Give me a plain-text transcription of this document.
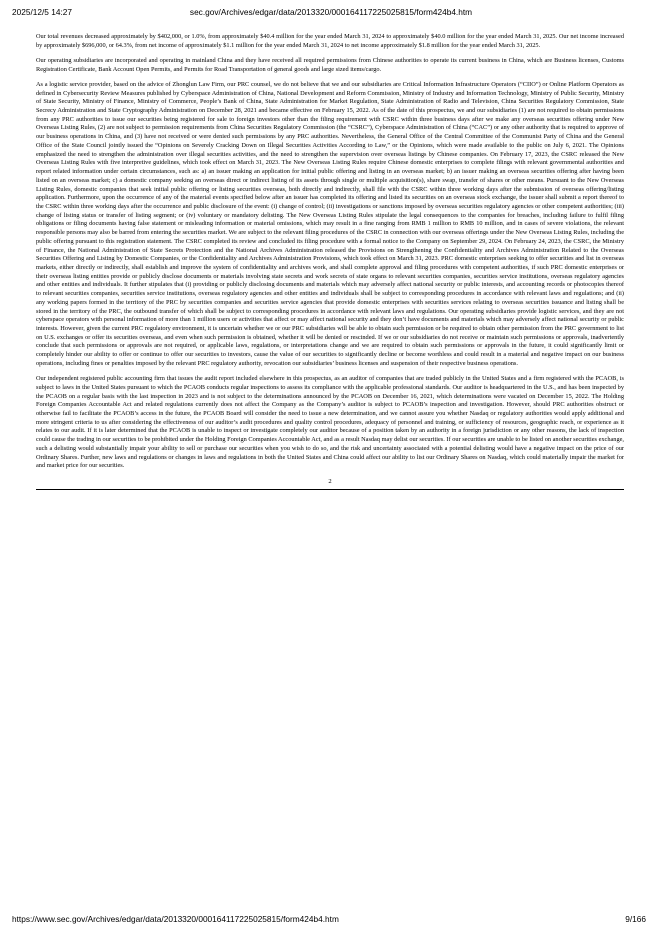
2025/12/5 14:27	sec.gov/Archives/edgar/data/2013320/000164117225025815/form424b4.htm

Our total revenues decreased approximately by $402,000, or 1.0%, from approximately $40.4 million for the year ended March 31, 2024 to approximately $40.0 million for the year ended March 31, 2025. Our net income increased by approximately $696,000, or 64.3%, from net income of approximately $1.1 million for the year ended March 31, 2024 to net income approximately $1.8 million for the year ended March 31, 2025.

Our operating subsidiaries are incorporated and operating in mainland China and they have received all required permissions from Chinese authorities to operate its current business in China, which are Business licenses, Customs Registration Certificate, Bank Account Open Permits, and Permits for Road Transportation of general goods and large sized items/cargo.

As a logistic service provider, based on the advice of Zhonglun Law Firm, our PRC counsel, we do not believe that we and our subsidiaries are Critical Information Infrastructure Operators (“CIIO”) or Online Platform Operators as defined in Cybersecurity Review Measures published by Cyberspace Administration of China, National Development and Reform Commission, Ministry of Industry and Information Technology, Ministry of Public Security, Ministry of State Security, Ministry of Finance, Ministry of Commerce, People’s Bank of China, State Administration for Market Regulation, State Administration of Radio and Television, China Securities Regulatory Commission, State Secrecy Administration and State Cryptography Administration on December 28, 2021 and became effective on February 15, 2022. As of the date of this prospectus, we and our subsidiaries (1) are not required to obtain permissions from any PRC authorities to issue our securities being registered for sale to foreign investors other than the filing requirement with CSRC within three business days after we make any overseas securities offering under New Overseas Listing Rules, (2) are not subject to permission requirements from China Securities Regulatory Commission (the “CSRC”), Cyberspace Administration of China (“CAC”) or any other authority that is required to approve of our business operations in China, and (3) have not received or were denied such permissions by any PRC authorities. Nevertheless, the General Office of the Central Committee of the Communist Party of China and the General Office of the State Council jointly issued the “Opinions on Severely Cracking Down on Illegal Securities Activities According to Law,” or the Opinions, which were made available to the public on July 6, 2021. The Opinions emphasized the need to strengthen the administration over illegal securities activities, and the need to strengthen the supervision over overseas listings by Chinese companies. On February 17, 2023, the CSRC released the New Overseas Listing Rules with five interpretive guidelines, which took effect on March 31, 2023. The New Overseas Listing Rules require Chinese domestic enterprises to complete filings with relevant governmental authorities and report related information under certain circumstances, such as: a) an issuer making an application for initial public offering and listing in an overseas market; b) an issuer making an overseas securities offering after having been listed on an overseas market; c) a domestic company seeking an overseas direct or indirect listing of its assets through single or multiple acquisition(s), share swap, transfer of shares or other means. Pursuant to the New Overseas Listing Rules, domestic companies that seek initial public offering or listing securities overseas, both directly and indirectly, shall file with the CSRC within three working days after the submission of overseas offering/listing application. Furthermore, upon the occurrence of any of the material events specified below after an issuer has completed its offering and listed its securities on an overseas stock exchange, the issuer shall submit a report thereof to the CSRC within three working days after the occurrence and public disclosure of the event: (i) change of control; (ii) investigations or sanctions imposed by overseas securities regulatory agencies or other competent authorities; (iii) change of listing status or transfer of listing segment; or (iv) voluntary or mandatory delisting. The New Overseas Listing Rules stipulate the legal consequences to the companies for breaches, including failure to fulfil filing obligations or filing documents having false statement or misleading information or material omissions, which may result in a fine ranging from RMB 1 million to RMB 10 million, and in cases of severe violations, the relevant responsible persons may also be barred from entering the securities market. We are subject to the relevant filing procedures of the CSRC in connection with our overseas offerings under the New Overseas Listing Rules, including the public offering pursuant to this registration statement. The CSRC completed its review and concluded its filing procedure with a formal notice to the Company on September 29, 2024. On February 24, 2023, the CSRC, the Ministry of Finance, the National Administration of State Secrets Protection and the National Archives Administration released the Provisions on Strengthening the Confidentiality and Archives Administration Related to the Overseas Securities Offering and Listing by Domestic Companies, or the Confidentiality and Archives Administration Provisions, which took effect on March 31, 2023. PRC domestic enterprises seeking to offer securities and list in overseas markets, either directly or indirectly, shall establish and improve the system of confidentiality and archives work, and shall complete approval and filing procedures with competent authorities, if such PRC domestic enterprises or their overseas listing entities provide or publicly disclose documents or materials involving state secrets and work secrets of state organs to relevant securities companies, securities service institutions, overseas regulatory agencies and other entities and individuals. It further stipulates that (i) providing or publicly disclosing documents and materials which may adversely affect national security or public interests, and accounting records or photocopies thereof to relevant securities companies, securities service institutions, overseas regulatory agencies and other entities and individuals shall be subject to corresponding procedures in accordance with relevant laws and regulations; and (ii) any working papers formed in the territory of the PRC by securities companies and securities service agencies that provide domestic enterprises with securities services relating to overseas securities issuance and listing shall be stored in the territory of the PRC, the outbound transfer of which shall be subject to corresponding procedures in accordance with relevant laws and regulations. Our operating subsidiaries provide logistic services, and they are not cyberspace operators with personal information of more than 1 million users or activities that affect or may affect national security and they don’t have documents and materials which may adversely affect national security or public interests. However, given the current PRC regulatory environment, it is uncertain whether we or our PRC subsidiaries will be able to obtain such permission or be required to obtain other permission from the PRC government to list on U.S. exchanges or offer its securities overseas, and even when such permission is obtained, whether it will be denied or rescinded. If we or our subsidiaries do not receive or maintain such permissions or approvals, inadvertently conclude that such permissions or approvals are not required, or applicable laws, regulations, or interpretations change and we are required to obtain such permissions or approvals in the future, it could significantly limit or completely hinder our ability to offer or continue to offer our securities to investors, cause the value of our securities to significantly decline or become worthless and could result in a material and negative impact on our business operations, including fines or penalties imposed by the relevant PRC regulatory authority, revocation our subsidiaries’ business licenses and suspension of their respective business operations.

Our independent registered public accounting firm that issues the audit report included elsewhere in this prospectus, as an auditor of companies that are traded publicly in the United States and a firm registered with the PCAOB, is subject to laws in the United States pursuant to which the PCAOB conducts regular inspections to assess its compliance with the applicable professional standards. Our auditor is headquartered in the U.S., and has been inspected by the PCAOB on a regular basis with the last inspection in 2023 and is not subject to the determinations announced by the PCAOB on December 16, 2021, which determinations were vacated on December 15, 2022. The Holding Foreign Companies Accountable Act and related regulations currently does not affect the Company as the Company’s auditor is subject to PCAOB’s inspection and investigation. However, should PRC authorities obstruct or otherwise fail to facilitate the PCAOB’s access in the future, the PCAOB Board will consider the need to issue a new determination, and we cannot assure you whether Nasdaq or regulatory authorities would apply additional and more stringent criteria to us after considering the effectiveness of our auditor’s audit procedures and quality control procedures, adequacy of personnel and training, or sufficiency of resources, geographic reach, or experience as it relates to our audit. If it is later determined that the PCAOB is unable to inspect or investigate completely our auditor because of a position taken by an authority in a foreign jurisdiction or any other reasons, the lack of inspection could cause the trading in our securities to be prohibited under the Holding Foreign Companies Accountable Act, and as a result Nasdaq may delist our securities. If our securities are unable to be listed on another securities exchange, such a delisting would substantially impair your ability to sell or purchase our securities when you wish to do so, and the risk and uncertainty associated with a potential delisting would have a negative impact on the price of our Ordinary Shares. Further, new laws and regulations or changes in laws and regulations in both the United States and China could affect our ability to list our Ordinary Shares on Nasdaq, which could materially impair the market for and market price for our securities.

2
https://www.sec.gov/Archives/edgar/data/2013320/000164117225025815/form424b4.htm	9/166
